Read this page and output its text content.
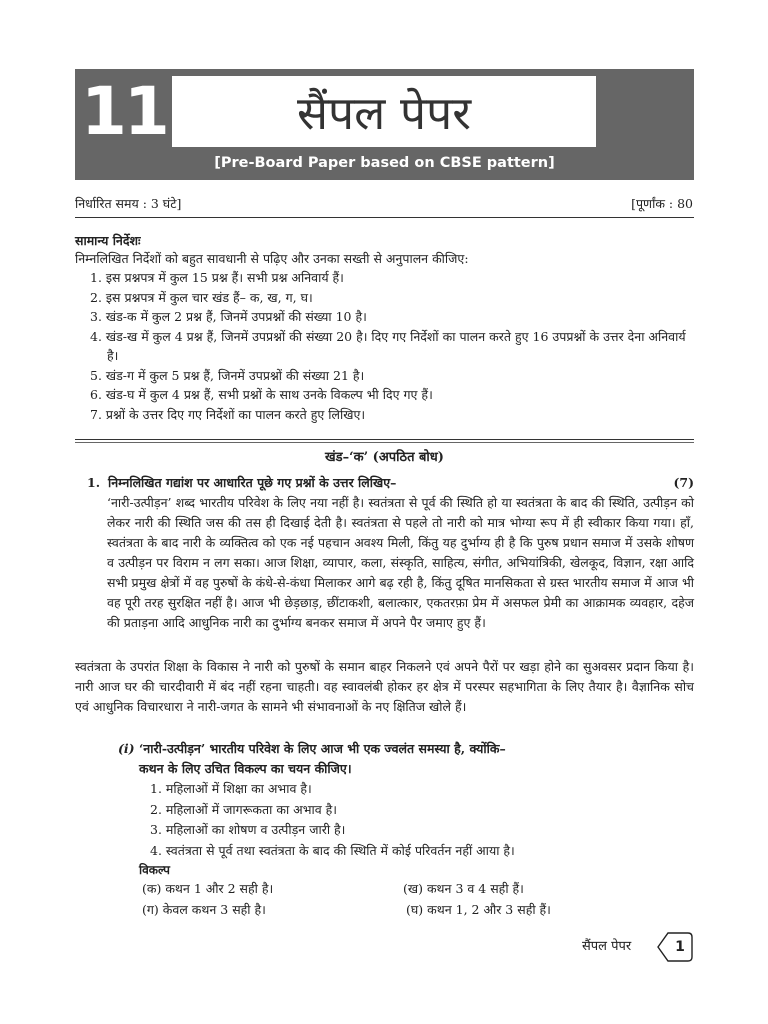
11	सैंपल पेपर
[Pre-Board Paper based on CBSE pattern]
निर्धारित समय : 3 घंटे]	[पूर्णांक : 80
सामान्य निर्देशः
निम्नलिखित निर्देशों को बहुत सावधानी से पढ़िए और उनका सख्ती से अनुपालन कीजिए:
1. इस प्रश्नपत्र में कुल 15 प्रश्न हैं। सभी प्रश्न अनिवार्य हैं।
2. इस प्रश्नपत्र में कुल चार खंड हैं– क, ख, ग, घ।
3. खंड-क में कुल 2 प्रश्न हैं, जिनमें उपप्रश्नों की संख्या 10 है।
4. खंड-ख में कुल 4 प्रश्न हैं, जिनमें उपप्रश्नों की संख्या 20 है। दिए गए निर्देशों का पालन करते हुए 16 उपप्रश्नों के उत्तर देना अनिवार्य है।
5. खंड-ग में कुल 5 प्रश्न हैं, जिनमें उपप्रश्नों की संख्या 21 है।
6. खंड-घ में कुल 4 प्रश्न हैं, सभी प्रश्नों के साथ उनके विकल्प भी दिए गए हैं।
7. प्रश्नों के उत्तर दिए गए निर्देशों का पालन करते हुए लिखिए।
खंड–‘क’ (अपठित बोध)
1. निम्नलिखित गद्यांश पर आधारित पूछे गए प्रश्नों के उत्तर लिखिए–	(7)

‘नारी-उत्पीड़न’ शब्द भारतीय परिवेश के लिए नया नहीं है। स्वतंत्रता से पूर्व की स्थिति हो या स्वतंत्रता के बाद की स्थिति, उत्पीड़न को लेकर नारी की स्थिति जस की तस ही दिखाई देती है। स्वतंत्रता से पहले तो नारी को मात्र भोग्या रूप में ही स्वीकार किया गया। हाँ, स्वतंत्रता के बाद नारी के व्यक्तित्व को एक नई पहचान अवश्य मिली, किंतु यह दुर्भाग्य ही है कि पुरुष प्रधान समाज में उसके शोषण व उत्पीड़न पर विराम न लग सका। आज शिक्षा, व्यापार, कला, संस्कृति, साहित्य, संगीत, अभियांत्रिकी, खेलकूद, विज्ञान, रक्षा आदि सभी प्रमुख क्षेत्रों में वह पुरुषों के कंधे-से-कंधा मिलाकर आगे बढ़ रही है, किंतु दूषित मानसिकता से ग्रस्त भारतीय समाज में आज भी वह पूरी तरह सुरक्षित नहीं है। आज भी छेड़छाड़, छींटाकशी, बलात्कार, एकतरफ़ा प्रेम में असफल प्रेमी का आक्रामक व्यवहार, दहेज की प्रताड़ना आदि आधुनिक नारी का दुर्भाग्य बनकर समाज में अपने पैर जमाए हुए हैं।

स्वतंत्रता के उपरांत शिक्षा के विकास ने नारी को पुरुषों के समान बाहर निकलने एवं अपने पैरों पर खड़ा होने का सुअवसर प्रदान किया है। नारी आज घर की चारदीवारी में बंद नहीं रहना चाहती। वह स्वावलंबी होकर हर क्षेत्र में परस्पर सहभागिता के लिए तैयार है। वैज्ञानिक सोच एवं आधुनिक विचारधारा ने नारी-जगत के सामने भी संभावनाओं के नए क्षितिज खोले हैं।

(i) ‘नारी-उत्पीड़न’ भारतीय परिवेश के लिए आज भी एक ज्वलंत समस्या है, क्योंकि–
कथन के लिए उचित विकल्प का चयन कीजिए।
1. महिलाओं में शिक्षा का अभाव है।
2. महिलाओं में जागरूकता का अभाव है।
3. महिलाओं का शोषण व उत्पीड़न जारी है।
4. स्वतंत्रता से पूर्व तथा स्वतंत्रता के बाद की स्थिति में कोई परिवर्तन नहीं आया है।
विकल्प
(क) कथन 1 और 2 सही है।	(ख) कथन 3 व 4 सही हैं।
(ग) केवल कथन 3 सही है।	(घ) कथन 1, 2 और 3 सही हैं।
सैंपल पेपर	1
